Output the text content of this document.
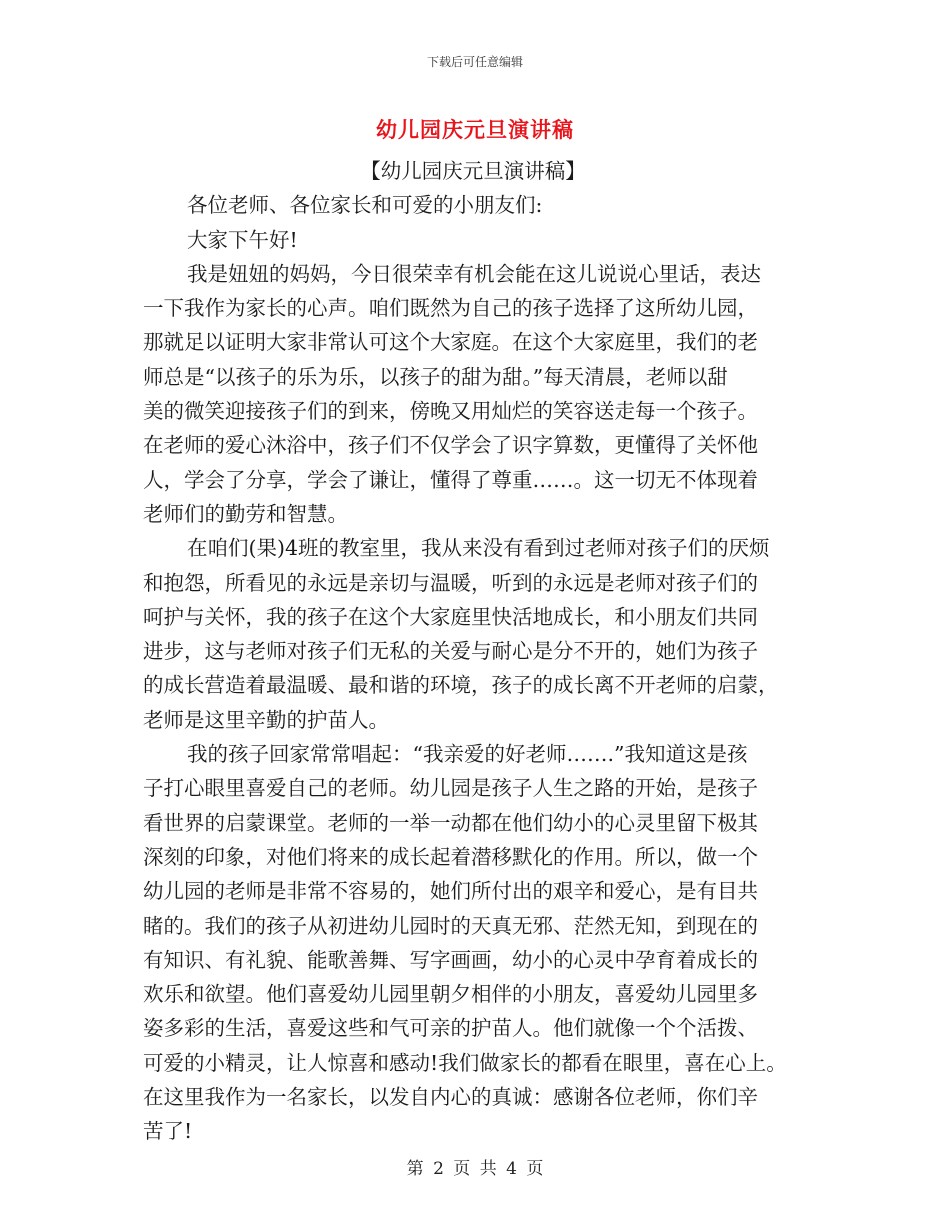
下载后可任意编辑
幼儿园庆元旦演讲稿
【幼儿园庆元旦演讲稿】
各位老师、各位家长和可爱的小朋友们:
大家下午好!
我是妞妞的妈妈，今日很荣幸有机会能在这儿说说心里话，表达
一下我作为家长的心声。咱们既然为自己的孩子选择了这所幼儿园，
那就足以证明大家非常认可这个大家庭。在这个大家庭里，我们的老
师总是“以孩子的乐为乐，以孩子的甜为甜。”每天清晨，老师以甜
美的微笑迎接孩子们的到来，傍晚又用灿烂的笑容送走每一个孩子。
在老师的爱心沐浴中，孩子们不仅学会了识字算数，更懂得了关怀他
人，学会了分享，学会了谦让，懂得了尊重……。这一切无不体现着
老师们的勤劳和智慧。
在咱们(果)4班的教室里，我从来没有看到过老师对孩子们的厌烦
和抱怨，所看见的永远是亲切与温暖，听到的永远是老师对孩子们的
呵护与关怀，我的孩子在这个大家庭里快活地成长，和小朋友们共同
进步，这与老师对孩子们无私的关爱与耐心是分不开的，她们为孩子
的成长营造着最温暖、最和谐的环境，孩子的成长离不开老师的启蒙，
老师是这里辛勤的护苗人。
我的孩子回家常常唱起：“我亲爱的好老师…….”我知道这是孩
子打心眼里喜爱自己的老师。幼儿园是孩子人生之路的开始，是孩子
看世界的启蒙课堂。老师的一举一动都在他们幼小的心灵里留下极其
深刻的印象，对他们将来的成长起着潜移默化的作用。所以，做一个
幼儿园的老师是非常不容易的，她们所付出的艰辛和爱心，是有目共
睹的。我们的孩子从初进幼儿园时的天真无邪、茫然无知，到现在的
有知识、有礼貌、能歌善舞、写字画画，幼小的心灵中孕育着成长的
欢乐和欲望。他们喜爱幼儿园里朝夕相伴的小朋友，喜爱幼儿园里多
姿多彩的生活，喜爱这些和气可亲的护苗人。他们就像一个个活拨、
可爱的小精灵，让人惊喜和感动!我们做家长的都看在眼里，喜在心上。
在这里我作为一名家长，以发自内心的真诚：感谢各位老师，你们辛
苦了!
第 2 页 共 4 页
